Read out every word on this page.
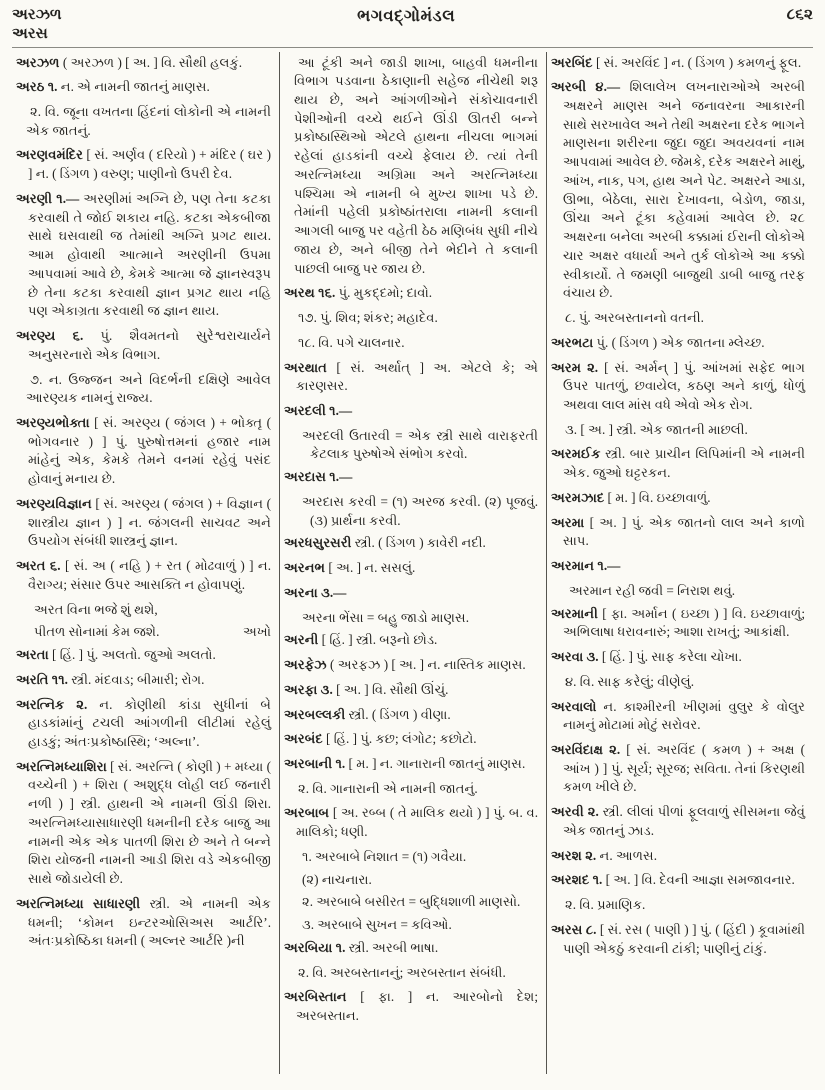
અરઝળ
અરસ
ભગવદ્ગોમંડલ	૮૬૨

અરઝળ ( અરઝળ ) [ અ. ] વિ. સૌથી હલકું.

અરઠ ૧. ન. એ નામની જાતનું માણસ.

૨. વિ. જૂના વખતના હિંદનાં લોકોની એ નામની એક જાતનું.

અરણવમંદિર [ સં. અર્ણવ ( દરિયો ) + મંદિર ( ઘર ) ] ન. ( ડિંગળ ) વરુણ; પાણીનો ઉપરી દેવ.

અરણી ૧.— અરણીમાં અગ્નિ છે, પણ તેના કટકા કરવાથી તે જોઈ શકાય નહિ. કટકા એકબીજા સાથે ઘસવાથી જ તેમાંથી અગ્નિ પ્રગટ થાય. આમ હોવાથી આત્માને અરણીની ઉપમા આપવામાં આવે છે, કેમકે આત્મા જે જ્ઞાનસ્વરૂપ છે તેના કટકા કરવાથી જ્ઞાન પ્રગટ થાય નહિ પણ એકાગ્રતા કરવાથી જ જ્ઞાન થાય.

અરણ્ય ૬. પું. શૈવમતનો સુરેશ્વરાચાર્યને અનુસરનારો એક વિભાગ.

૭. ન. ઉજ્જન અને વિદર્ભની દક્ષિણે આવેલ આરણ્યક નામનું રાજ્ય.

અરણ્યભોક્તા [ સં. અરણ્ય ( જંગલ ) + ભોક્તૃ ( ભોગવનાર ) ] પું. પુરુષોત્તમનાં હજાર નામ માંહેનું એક, કેમકે તેમને વનમાં રહેવું પસંદ હોવાનું મનાય છે.

અરણ્યવિજ્ઞાન [ સં. અરણ્ય ( જંગલ ) + વિજ્ઞાન ( શાસ્ત્રીય જ્ઞાન ) ] ન. જંગલની સાચવટ અને ઉપયોગ સંબંધી શાસ્ત્રનું જ્ઞાન.

અરત ૬. [ સં. અ ( નહિ ) + રત ( મોઢવાળું ) ] ન. વૈરાગ્ય; સંસાર ઉપર આસક્તિ ન હોવાપણું.

અરત વિના ભજે શું થશે,

પીતળ સોનામાં કેમ જશે.	અખો

અરતા [ હિં. ] પું. અલતો. જુઓ અલતો.

અરતિ ૧૧. સ્ત્રી. મંદવાડ; બીમારી; રોગ.

અરત્નિક ૨. ન. કોણીથી કાંડા સુધીનાં બે હાડકાંમાંનું ટચલી આંગળીની લીટીમાં રહેલું હાડકું; અંતઃપ્રકોષ્ઠાસ્થિ; ‘અલ્ના’.

અરત્નિમધ્યાશિરા [ સં. અરત્નિ ( કોણી ) + મધ્યા ( વચ્ચેની ) + શિરા ( અશુદ્ધ લોહી લઈ જનારી નળી ) ] સ્ત્રી. હાથની એ નામની ઊંડી શિરા. અરત્નિમધ્યાસાધારણી ધમનીની દરેક બાજુ આ નામની એક એક પાતળી શિરા છે અને તે બન્ને શિરા યોજની નામની આડી શિરા વડે એકબીજી સાથે જોડાયેલી છે.

અરત્નિમધ્યા સાધારણી સ્ત્રી. એ નામની એક ધમની; ‘કોમન ઇન્ટરઓસિઅસ આર્ટરિ’. અંતઃપ્રકોષ્ઠિકા ધમની ( અલ્નર આર્ટરિ )ની

આ ટૂંકી અને જાડી શાખા, બાહવી ધમનીના વિભાગ પડવાના ઠેકાણાની સહેજ નીચેથી શરૂ થાય છે, અને આંગળીઓને સંકોચાવનારી પેશીઓની વચ્ચે થઈને ઊંડી ઊતરી બન્ને પ્રકોષ્ઠાસ્થિઓ એટલે હાથના નીચલા ભાગમાં રહેલાં હાડકાંની વચ્ચે ફેલાય છે. ત્યાં તેની અરત્નિમધ્યા અગ્રિમા અને અરત્નિમધ્યા પશ્ચિમા એ નામની બે મુખ્ય શાખા પડે છે. તેમાંની પહેલી પ્રકોષ્ઠાંતરાલા નામની કલાની આગલી બાજુ પર વહેતી ઠેઠ મણિબંધ સુધી નીચે જાય છે, અને બીજી તેને ભેદીને તે કલાની પાછલી બાજુ પર જાય છે.

અરથ ૧૬. પું. મુકદ્દમો; દાવો.

૧૭. પું. શિવ; શંકર; મહાદેવ.

૧૮. વિ. પગે ચાલનાર.

અરથાત [ સં. અર્થાત્ ] અ. એટલે કે; એ કારણસર.

અરદલી ૧.—

અરદલી ઉતારવી = એક સ્ત્રી સાથે વારાફરતી કેટલાક પુરુષોએ સંભોગ કરવો.

અરદાસ ૧.—

અરદાસ કરવી = (૧) અરજ કરવી. (૨) પૂજવું. (૩) પ્રાર્થના કરવી.

અરધસુરસરી સ્ત્રી. ( ડિંગળ ) કાવેરી નદી.

અરનભ [ અ. ] ન. સસલું.

અરના ૩.—

અરના ભેંસા = બહુ જાડો માણસ.

અરની [ હિં. ] સ્ત્રી. બરૂનો છોડ.

અરફેઝ ( અરફઝ ) [ અ. ] ન. નાસ્તિક માણસ.

અરફા ૩. [ અ. ] વિ. સૌથી ઊંચું.

અરબલ્લકી સ્ત્રી. ( ડિંગળ ) વીણા.

અરબંદ [ હિં. ] પું. કછ; લંગોટ; કછોટો.

અરબાની ૧. [ મ. ] ન. ગાનારાની જાતનું માણસ.

૨. વિ. ગાનારાની એ નામની જાતનું.

અરબાબ [ અ. રબ્બ ( તે માલિક થયો ) ] પું. બ. વ. માલિકો; ધણી.

૧. અરબાબે નિશાત = (૧) ગવૈયા.

(૨) નાચનારા.

૨. અરબાબે બસીરત = બુદ્ધિશાળી માણસો.

૩. અરબાબે સુખન = કવિઓ.

અરબિયા ૧. સ્ત્રી. અરબી ભાષા.

૨. વિ. અરબસ્તાનનું; અરબસ્તાન સંબંધી.

અરબિસ્તાન [ ફા. ] ન. આરબોનો દેશ; અરબસ્તાન.

અરબિંદ [ સં. અરવિંદ ] ન. ( ડિંગળ ) કમળનું ફૂલ.

અરબી ૪.— શિલાલેખ લખનારાઓએ અરબી અક્ષરને માણસ અને જનાવરના આકારની સાથે સરખાવેલ અને તેથી અક્ષરના દરેક ભાગને માણસના શરીરના જુદા જુદા અવયવનાં નામ આપવામાં આવેલ છે. જેમકે, દરેક અક્ષરને માથું, આંખ, નાક, પગ, હાથ અને પેટ. અક્ષરને આડા, ઊભા, બેઠેલા, સારા દેખાવના, બેડોળ, જાડા, ઊંચા અને ટૂંકા કહેવામાં આવેલ છે. ૨૮ અક્ષરના બનેલા અરબી કક્કામાં ઈરાની લોકોએ ચાર અક્ષર વધાર્યા અને તુર્ક લોકોએ આ કક્કો સ્વીકાર્યો. તે જમણી બાજુથી ડાબી બાજુ તરફ વંચાય છે.

૮. પું. અરબસ્તાનનો વતની.

અરભટા પું. ( ડિંગળ ) એક જાતના મ્લેચ્છ.

અરમ ૨. [ સં. અર્મન્ ] પું. આંખમાં સફેદ ભાગ ઉપર પાતળું, છવાયેલ, કઠણ અને કાળું, ધોળું અથવા લાલ માંસ વધે એવો એક રોગ.

૩. [ અ. ] સ્ત્રી. એક જાતની માછલી.

અરમઈક સ્ત્રી. બાર પ્રાચીન લિપિમાંની એ નામની એક. જુઓ ઘટ્ટરકન.

અરમઝાદ [ મ. ] વિ. ઇચ્છાવાળું.

અરમા [ અ. ] પું. એક જાતનો લાલ અને કાળો સાપ.

અરમાન ૧.—

અરમાન રહી જવી = નિરાશ થવું.

અરમાની [ ફા. અર્માન ( ઇચ્છા ) ] વિ. ઇચ્છાવાળું; અભિલાષા ધરાવનારું; આશા રાખતું; આકાંક્ષી.

અરવા ૩. [ હિં. ] પું. સાફ કરેલા ચોખા.

૪. વિ. સાફ કરેલું; વીણેલું.

અરવાલો ન. કાશ્મીરની ખીણમાં વુલુર કે વોલુર નામનું મોટામાં મોટું સરોવર.

અરવિંદાક્ષ ૨. [ સં. અરવિંદ ( કમળ ) + અક્ષ ( આંખ ) ] પું. સૂર્ય; સૂરજ; સવિતા. તેનાં કિરણથી કમળ ખીલે છે.

અરવી ૨. સ્ત્રી. લીલાં પીળાં ફૂલવાળું સીસમના જેવું એક જાતનું ઝાડ.

અરશ ૨. ન. આળસ.

અરશદ ૧. [ અ. ] વિ. દેવની આજ્ઞા સમજાવનાર.

૨. વિ. પ્રમાણિક.

અરસ ૮. [ સં. રસ ( પાણી ) ] પું. ( હિંદી ) કૂવામાંથી પાણી એકઠું કરવાની ટાંકી; પાણીનું ટાંકું.
